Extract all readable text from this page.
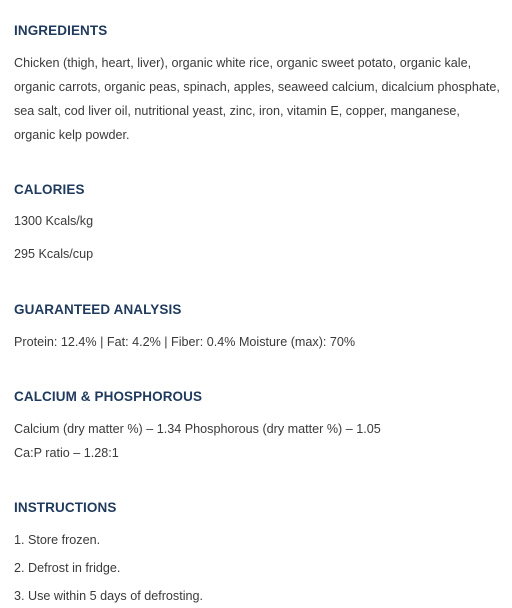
INGREDIENTS

Chicken (thigh, heart, liver), organic white rice, organic sweet potato, organic kale, organic carrots, organic peas, spinach, apples, seaweed calcium, dicalcium phosphate, sea salt, cod liver oil, nutritional yeast, zinc, iron, vitamin E, copper, manganese, organic kelp powder.

CALORIES

1300 Kcals/kg

295 Kcals/cup

GUARANTEED ANALYSIS

Protein: 12.4% | Fat: 4.2% | Fiber: 0.4% Moisture (max): 70%

CALCIUM & PHOSPHOROUS

Calcium (dry matter %) – 1.34 Phosphorous (dry matter %) – 1.05

Ca:P ratio – 1.28:1

INSTRUCTIONS

1. Store frozen.

2. Defrost in fridge.

3. Use within 5 days of defrosting.
